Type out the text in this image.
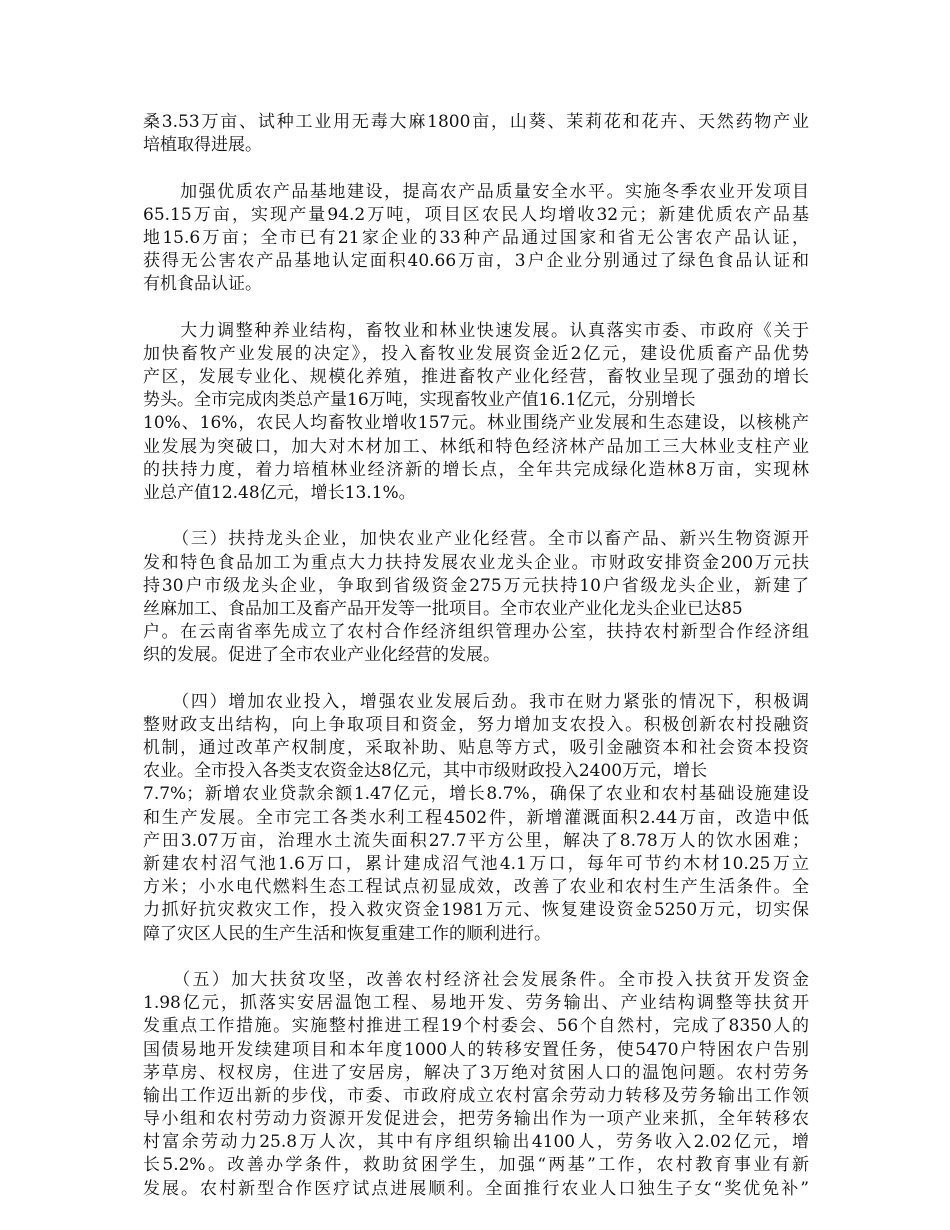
桑3.53万亩、试种工业用无毒大麻1800亩，山葵、茉莉花和花卉、天然药物产业
培植取得进展。
　　加强优质农产品基地建设，提高农产品质量安全水平。实施冬季农业开发项目
65.15万亩，实现产量94.2万吨，项目区农民人均增收32元；新建优质农产品基
地15.6万亩；全市已有21家企业的33种产品通过国家和省无公害农产品认证，
获得无公害农产品基地认定面积40.66万亩，3户企业分别通过了绿色食品认证和
有机食品认证。
　　大力调整种养业结构，畜牧业和林业快速发展。认真落实市委、市政府《关于
加快畜牧产业发展的决定》，投入畜牧业发展资金近2亿元，建设优质畜产品优势
产区，发展专业化、规模化养殖，推进畜牧产业化经营，畜牧业呈现了强劲的增长
势头。全市完成肉类总产量16万吨，实现畜牧业产值16.1亿元，分别增长
10%、16%，农民人均畜牧业增收157元。林业围绕产业发展和生态建设，以核桃产
业发展为突破口，加大对木材加工、林纸和特色经济林产品加工三大林业支柱产业
的扶持力度，着力培植林业经济新的增长点，全年共完成绿化造林8万亩，实现林
业总产值12.48亿元，增长13.1%。
　　（三）扶持龙头企业，加快农业产业化经营。全市以畜产品、新兴生物资源开
发和特色食品加工为重点大力扶持发展农业龙头企业。市财政安排资金200万元扶
持30户市级龙头企业，争取到省级资金275万元扶持10户省级龙头企业，新建了
丝麻加工、食品加工及畜产品开发等一批项目。全市农业产业化龙头企业已达85
户。在云南省率先成立了农村合作经济组织管理办公室，扶持农村新型合作经济组
织的发展。促进了全市农业产业化经营的发展。
　　（四）增加农业投入，增强农业发展后劲。我市在财力紧张的情况下，积极调
整财政支出结构，向上争取项目和资金，努力增加支农投入。积极创新农村投融资
机制，通过改革产权制度，采取补助、贴息等方式，吸引金融资本和社会资本投资
农业。全市投入各类支农资金达8亿元，其中市级财政投入2400万元，增长
7.7%；新增农业贷款余额1.47亿元，增长8.7%，确保了农业和农村基础设施建设
和生产发展。全市完工各类水利工程4502件，新增灌溉面积2.44万亩，改造中低
产田3.07万亩，治理水土流失面积27.7平方公里，解决了8.78万人的饮水困难；
新建农村沼气池1.6万口，累计建成沼气池4.1万口，每年可节约木材10.25万立
方米；小水电代燃料生态工程试点初显成效，改善了农业和农村生产生活条件。全
力抓好抗灾救灾工作，投入救灾资金1981万元、恢复建设资金5250万元，切实保
障了灾区人民的生产生活和恢复重建工作的顺利进行。
　　（五）加大扶贫攻坚，改善农村经济社会发展条件。全市投入扶贫开发资金
1.98亿元，抓落实安居温饱工程、易地开发、劳务输出、产业结构调整等扶贫开
发重点工作措施。实施整村推进工程19个村委会、56个自然村，完成了8350人的
国债易地开发续建项目和本年度1000人的转移安置任务，使5470户特困农户告别
茅草房、杈杈房，住进了安居房，解决了3万绝对贫困人口的温饱问题。农村劳务
输出工作迈出新的步伐，市委、市政府成立农村富余劳动力转移及劳务输出工作领
导小组和农村劳动力资源开发促进会，把劳务输出作为一项产业来抓，全年转移农
村富余劳动力25.8万人次，其中有序组织输出4100人，劳务收入2.02亿元，增
长5.2%。改善办学条件，救助贫困学生，加强“两基”工作，农村教育事业有新
发展。农村新型合作医疗试点进展顺利。全面推行农业人口独生子女“奖优免补”
